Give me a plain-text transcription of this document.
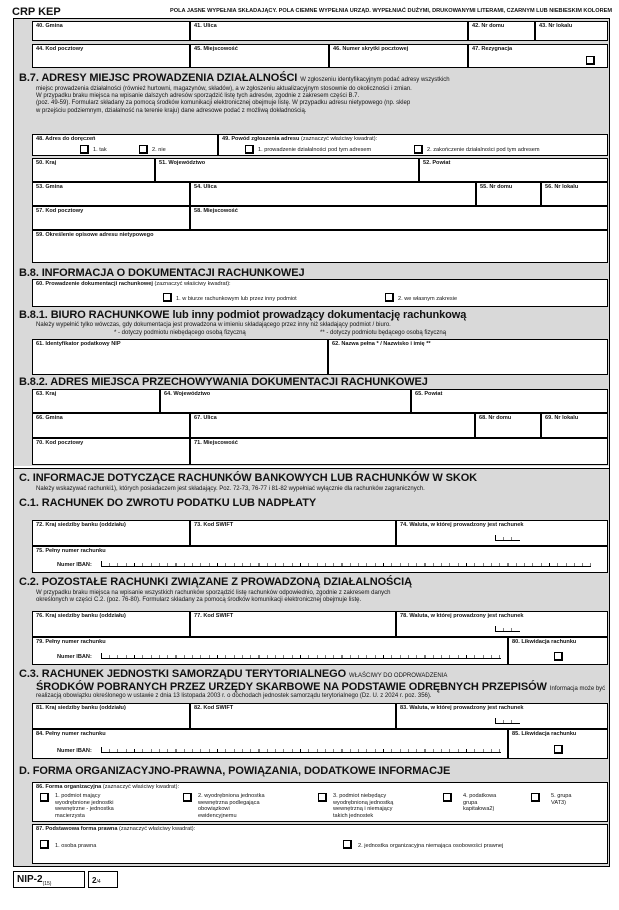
CRP KEP	POLA JASNE WYPEŁNIA SKŁADAJĄCY. POLA CIEMNE WYPEŁNIA URZĄD. WYPEŁNIAĆ DUŻYMI, DRUKOWANYMI LITERAMI, CZARNYM LUB NIEBIESKIM KOLOREM
40. Gmina	41. Ulica	42. Nr domu	43. Nr lokalu
44. Kod pocztowy	45. Miejscowość	46. Numer skrytki pocztowej	47. Rezygnacja
B.7. ADRESY MIEJSC PROWADZENIA DZIAŁALNOŚCI W zgłoszeniu identyfikacyjnym podać adresy wszystkich
miejsc prowadzenia działalności (również hurtowni, magazynów, składów), a w zgłoszeniu aktualizacyjnym stosownie do okoliczności i zmian.
W przypadku braku miejsca na wpisanie dalszych adresów sporządzić listę tych adresów, zgodnie z zakresem części B.7.
(poz. 49-59). Formularz składany za pomocą środków komunikacji elektronicznej obejmuje listę. W przypadku adresu nietypowego (np. sklep
w przejściu podziemnym, działalność na terenie kraju) dane adresowe podać z możliwą dokładnością.
48. Adres do doręczeń
1. tak	2. nie
49. Powód zgłoszenia adresu (zaznaczyć właściwy kwadrat):
1. prowadzenie działalności pod tym adresem	2. zakończenie działalności pod tym adresem
50. Kraj	51. Województwo	52. Powiat
53. Gmina	54. Ulica	55. Nr domu	56. Nr lokalu
57. Kod pocztowy	58. Miejscowość
59. Określenie opisowe adresu nietypowego
B.8. INFORMACJA O DOKUMENTACJI RACHUNKOWEJ
60. Prowadzenie dokumentacji rachunkowej (zaznaczyć właściwy kwadrat):
1. w biurze rachunkowym lub przez inny podmiot	2. we własnym zakresie
B.8.1. BIURO RACHUNKOWE lub inny podmiot prowadzący dokumentację rachunkową
Należy wypełnić tylko wówczas, gdy dokumentacja jest prowadzona w imieniu składającego przez inny niż składający podmiot / biuro.
* - dotyczy podmiotu niebędącego osobą fizyczną	** - dotyczy podmiotu będącego osobą fizyczną
61. Identyfikator podatkowy NIP	62. Nazwa pełna * / Nazwisko i imię **
B.8.2. ADRES MIEJSCA PRZECHOWYWANIA DOKUMENTACJI RACHUNKOWEJ
63. Kraj	64. Województwo	65. Powiat
66. Gmina	67. Ulica	68. Nr domu	69. Nr lokalu
70. Kod pocztowy	71. Miejscowość
C. INFORMACJE DOTYCZĄCE RACHUNKÓW BANKOWYCH LUB RACHUNKÓW W SKOK
Należy wskazywać rachunki1), których posiadaczem jest składający. Poz. 72-73, 76-77 i 81-82 wypełniać wyłącznie dla rachunków zagranicznych.
C.1. RACHUNEK DO ZWROTU PODATKU LUB NADPŁATY
72. Kraj siedziby banku (oddziału)	73. Kod SWIFT	74. Waluta, w której prowadzony jest rachunek
75. Pełny numer rachunku
Numer IBAN:
C.2. POZOSTAŁE RACHUNKI ZWIĄZANE Z PROWADZONĄ DZIAŁALNOŚCIĄ
W przypadku braku miejsca na wpisanie wszystkich rachunków sporządzić listę rachunków odpowiednio, zgodnie z zakresem danych
określonych w części C.2. (poz. 76-80). Formularz składany za pomocą środków komunikacji elektronicznej obejmuje listę.
76. Kraj siedziby banku (oddziału)	77. Kod SWIFT	78. Waluta, w której prowadzony jest rachunek
79. Pełny numer rachunku
Numer IBAN:
80. Likwidacja rachunku
C.3. RACHUNEK JEDNOSTKI SAMORZĄDU TERYTORIALNEGO WŁAŚCIWY DO ODPROWADZENIA
ŚRODKÓW POBRANYCH PRZEZ URZĘDY SKARBOWE NA PODSTAWIE ODRĘBNYCH PRZEPISÓW Informacja może być
realizacją obowiązku określonego w ustawie z dnia 13 listopada 2003 r. o dochodach jednostek samorządu terytorialnego (Dz. U. z 2024 r. poz. 356).
81. Kraj siedziby banku (oddziału)	82. Kod SWIFT	83. Waluta, w której prowadzony jest rachunek
84. Pełny numer rachunku
Numer IBAN:
85. Likwidacja rachunku
D. FORMA ORGANIZACYJNO-PRAWNA, POWIĄZANIA, DODATKOWE INFORMACJE
86. Forma organizacyjna (zaznaczyć właściwy kwadrat):
1. podmiot mający
wyodrębnione jednostki
wewnętrzne - jednostka
macierzysta
2. wyodrębniona jednostka
wewnętrzna podlegająca
obowiązkowi
ewidencyjnemu
3. podmiot niebędący
wyodrębnioną jednostką
wewnętrzną i niemający
takich jednostek
4. podatkowa
grupa
kapitałowa2)
5. grupa
VAT3)
87. Podstawowa forma prawna (zaznaczyć właściwy kwadrat):
1. osoba prawna	2. jednostka organizacyjna niemająca osobowości prawnej
NIP-$2_{(15)}$	2/4
